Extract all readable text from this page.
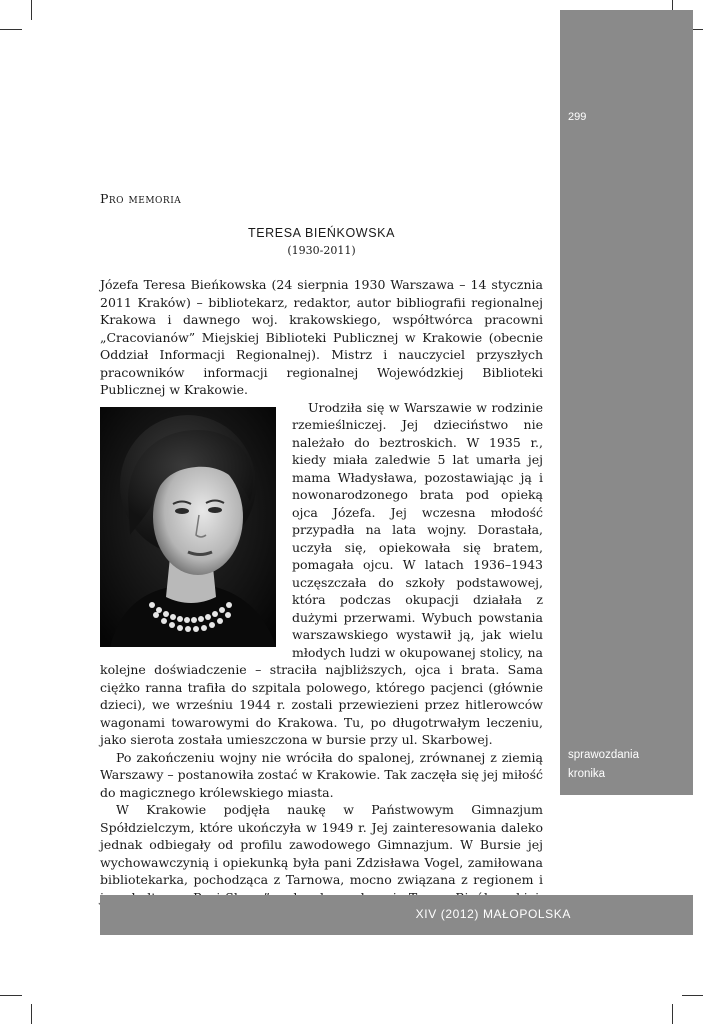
299
sprawozdania
kronika
Pro memoria
TERESA BIEŃKOWSKA
(1930-2011)

Józefa Teresa Bieńkowska (24 sierpnia 1930 Warszawa – 14 stycznia 2011 Kraków) – bibliotekarz, redaktor, autor bibliografii regionalnej Krakowa i dawnego woj. krakowskiego, współtwórca pracowni „Cracovianów” Miejskiej Biblioteki Publicznej w Krakowie (obecnie Oddział Informacji Regionalnej). Mistrz i nauczyciel przyszłych pracowników informacji regionalnej Wojewódzkiej Biblioteki Publicznej w Krakowie.

Urodziła się w Warszawie w rodzinie rzemieślniczej. Jej dzieciństwo nie należało do beztroskich. W 1935 r., kiedy miała zaledwie 5 lat umarła jej mama Władysława, pozostawiając ją i nowonarodzonego brata pod opieką ojca Józefa. Jej wczesna młodość przypadła na lata wojny. Dorastała, uczyła się, opiekowała się bratem, pomagała ojcu. W latach 1936–1943 uczęszczała do szkoły podstawowej, która podczas okupacji działała z dużymi przerwami. Wybuch powstania warszawskiego wystawił ją, jak wielu młodych ludzi w okupowanej stolicy, na kolejne doświadczenie – straciła najbliższych, ojca i brata. Sama ciężko ranna trafiła do szpitala polowego, którego pacjenci (głównie dzieci), we wrześniu 1944 r. zostali przewiezieni przez hitlerowców wagonami towarowymi do Krakowa. Tu, po długotrwałym leczeniu, jako sierota została umieszczona w bursie przy ul. Skarbowej.

Po zakończeniu wojny nie wróciła do spalonej, zrównanej z ziemią Warszawy – postanowiła zostać w Krakowie. Tak zaczęła się jej miłość do magicznego królewskiego miasta.

W Krakowie podjęła naukę w Państwowym Gimnazjum Spółdzielczym, które ukończyła w 1949 r. Jej zainteresowania daleko jednak odbiegały od profilu zawodowego Gimnazjum. W Bursie jej wychowawczynią i opiekunką była pani Zdzisława Vogel, zamiłowana bibliotekarka, pochodząca z Tarnowa, mocno związana z regionem i

XIV (2012) MAŁOPOLSKA
